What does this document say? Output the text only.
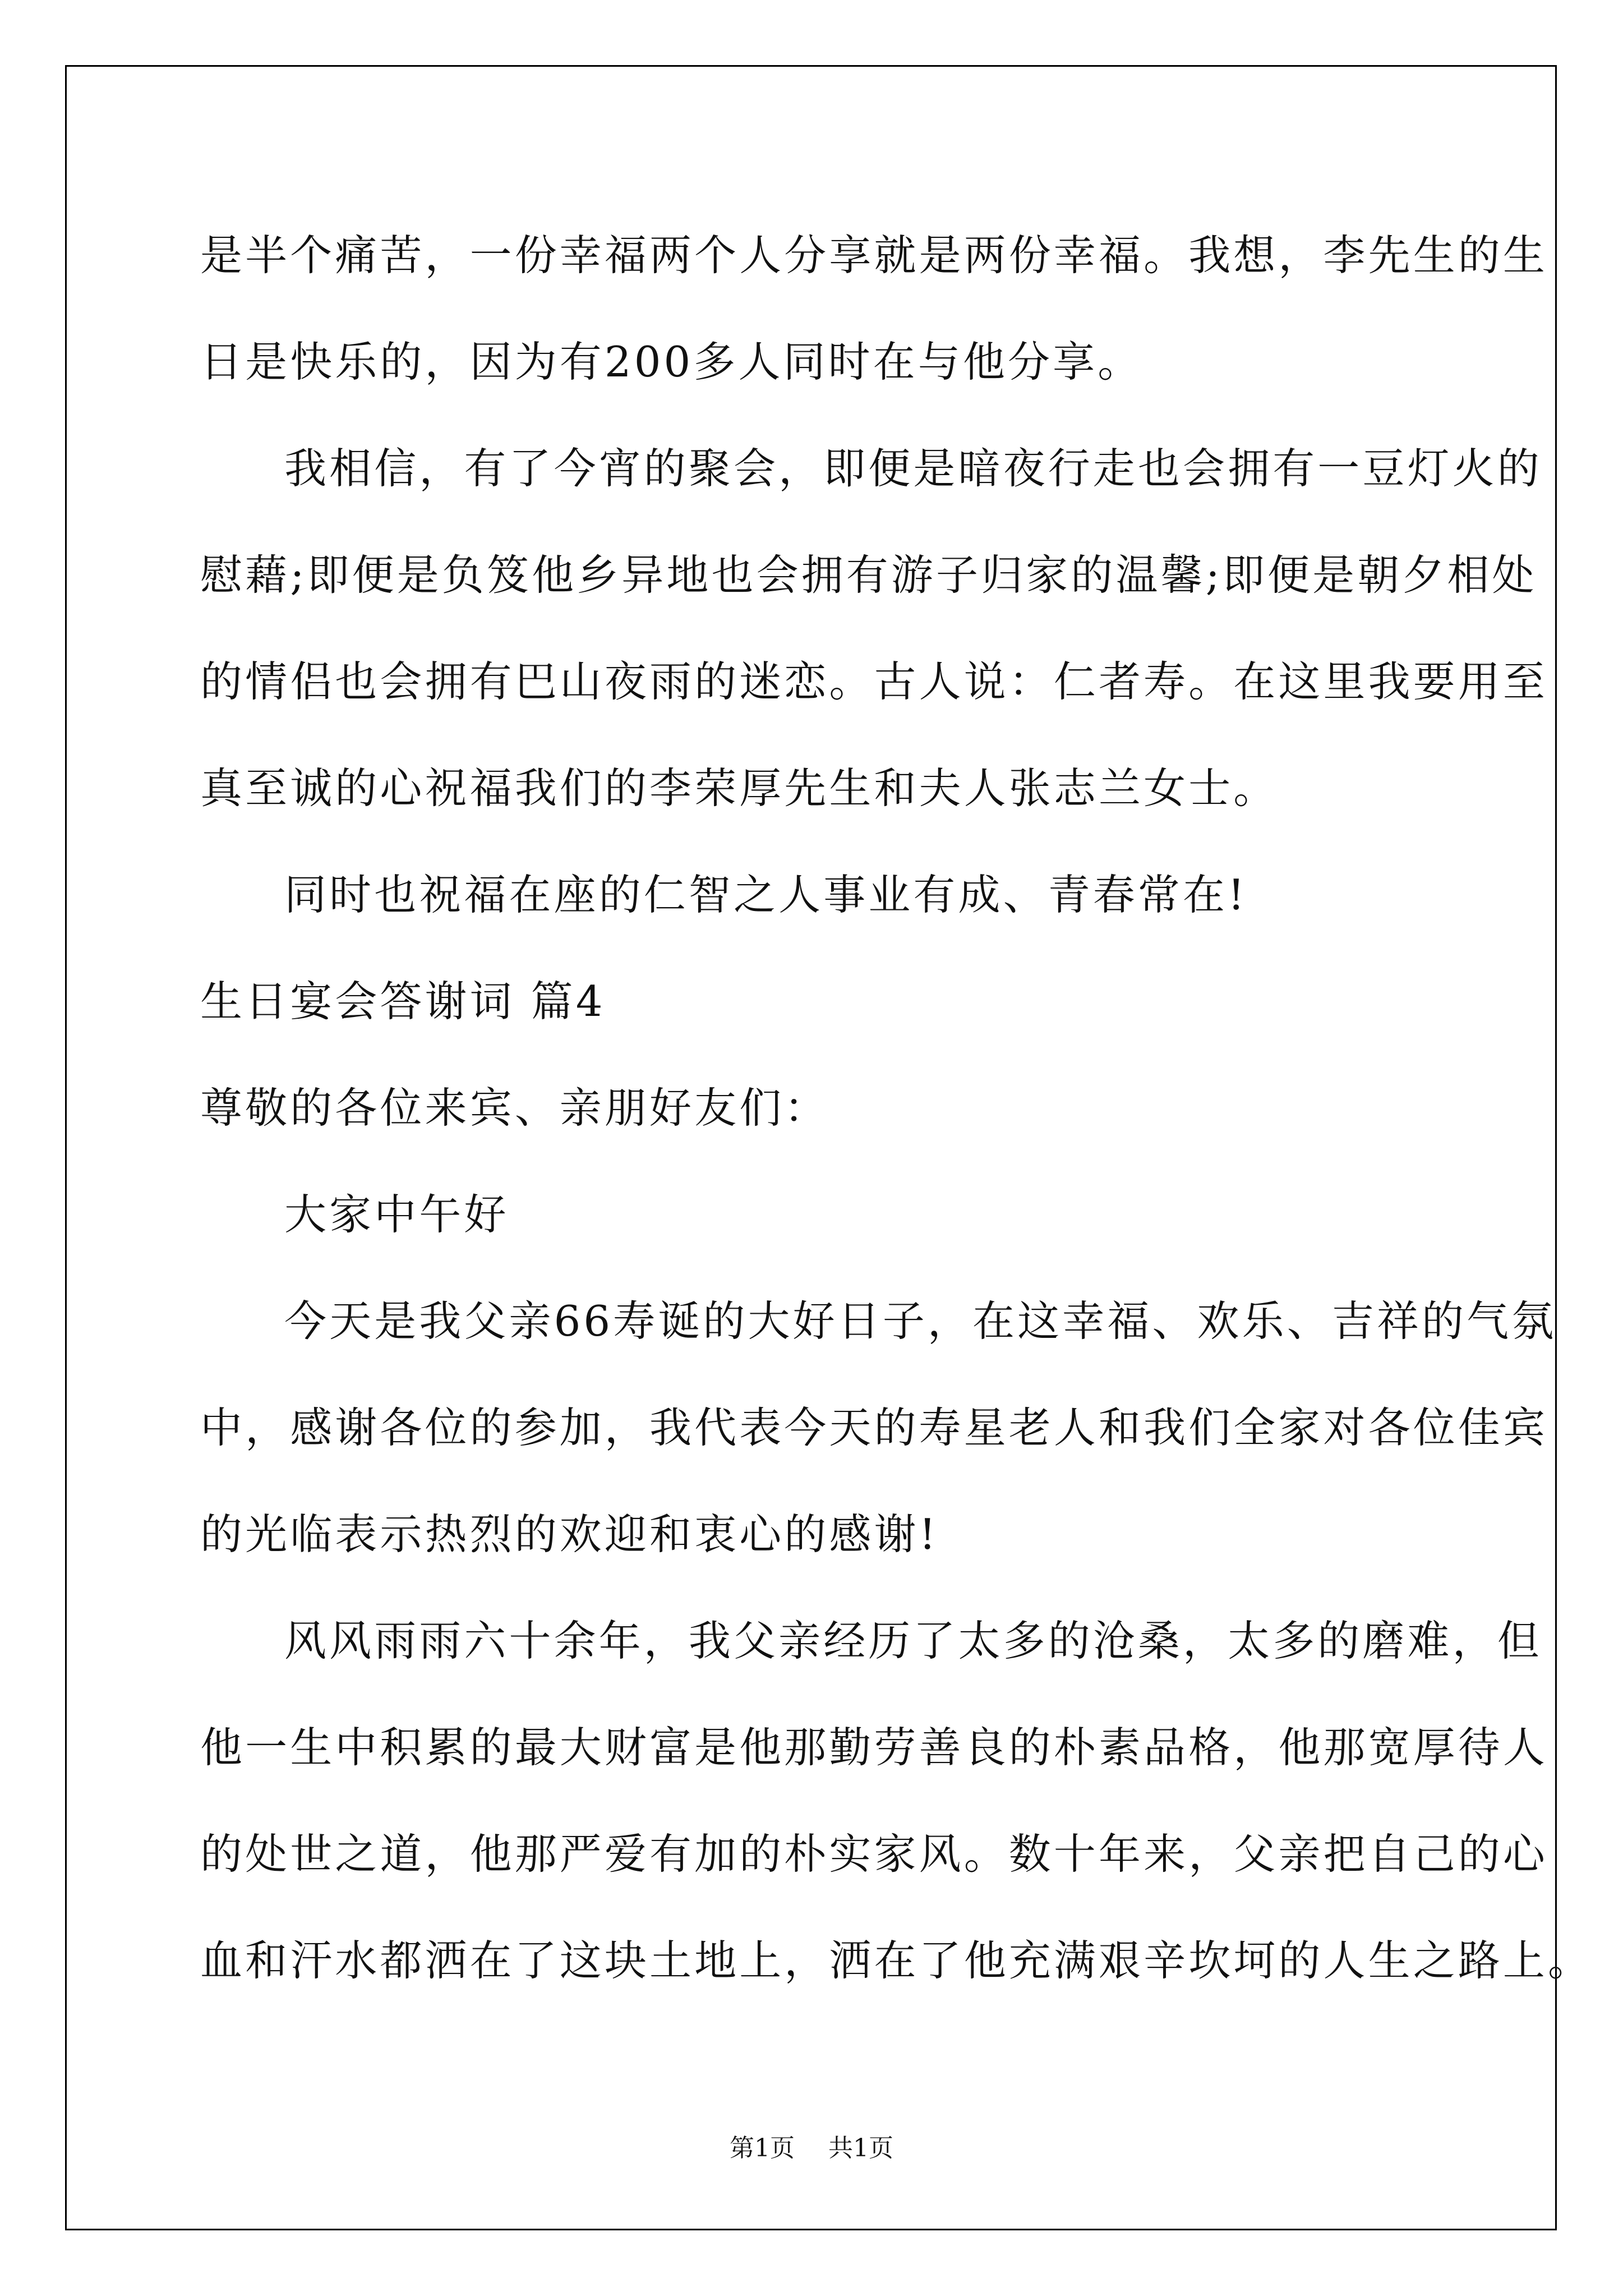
是半个痛苦，一份幸福两个人分享就是两份幸福。我想，李先生的生

日是快乐的，因为有200多人同时在与他分享。

我相信，有了今宵的聚会，即便是暗夜行走也会拥有一豆灯火的

慰藉;即便是负笈他乡异地也会拥有游子归家的温馨;即便是朝夕相处

的情侣也会拥有巴山夜雨的迷恋。古人说：仁者寿。在这里我要用至

真至诚的心祝福我们的李荣厚先生和夫人张志兰女士。

同时也祝福在座的仁智之人事业有成、青春常在!

生日宴会答谢词 篇4

尊敬的各位来宾、亲朋好友们：

大家中午好

今天是我父亲66寿诞的大好日子，在这幸福、欢乐、吉祥的气氛

中，感谢各位的参加，我代表今天的寿星老人和我们全家对各位佳宾

的光临表示热烈的欢迎和衷心的感谢!

风风雨雨六十余年，我父亲经历了太多的沧桑，太多的磨难，但

他一生中积累的最大财富是他那勤劳善良的朴素品格，他那宽厚待人

的处世之道，他那严爱有加的朴实家风。数十年来，父亲把自己的心

血和汗水都洒在了这块土地上，洒在了他充满艰辛坎坷的人生之路上。

第1页 共1页
